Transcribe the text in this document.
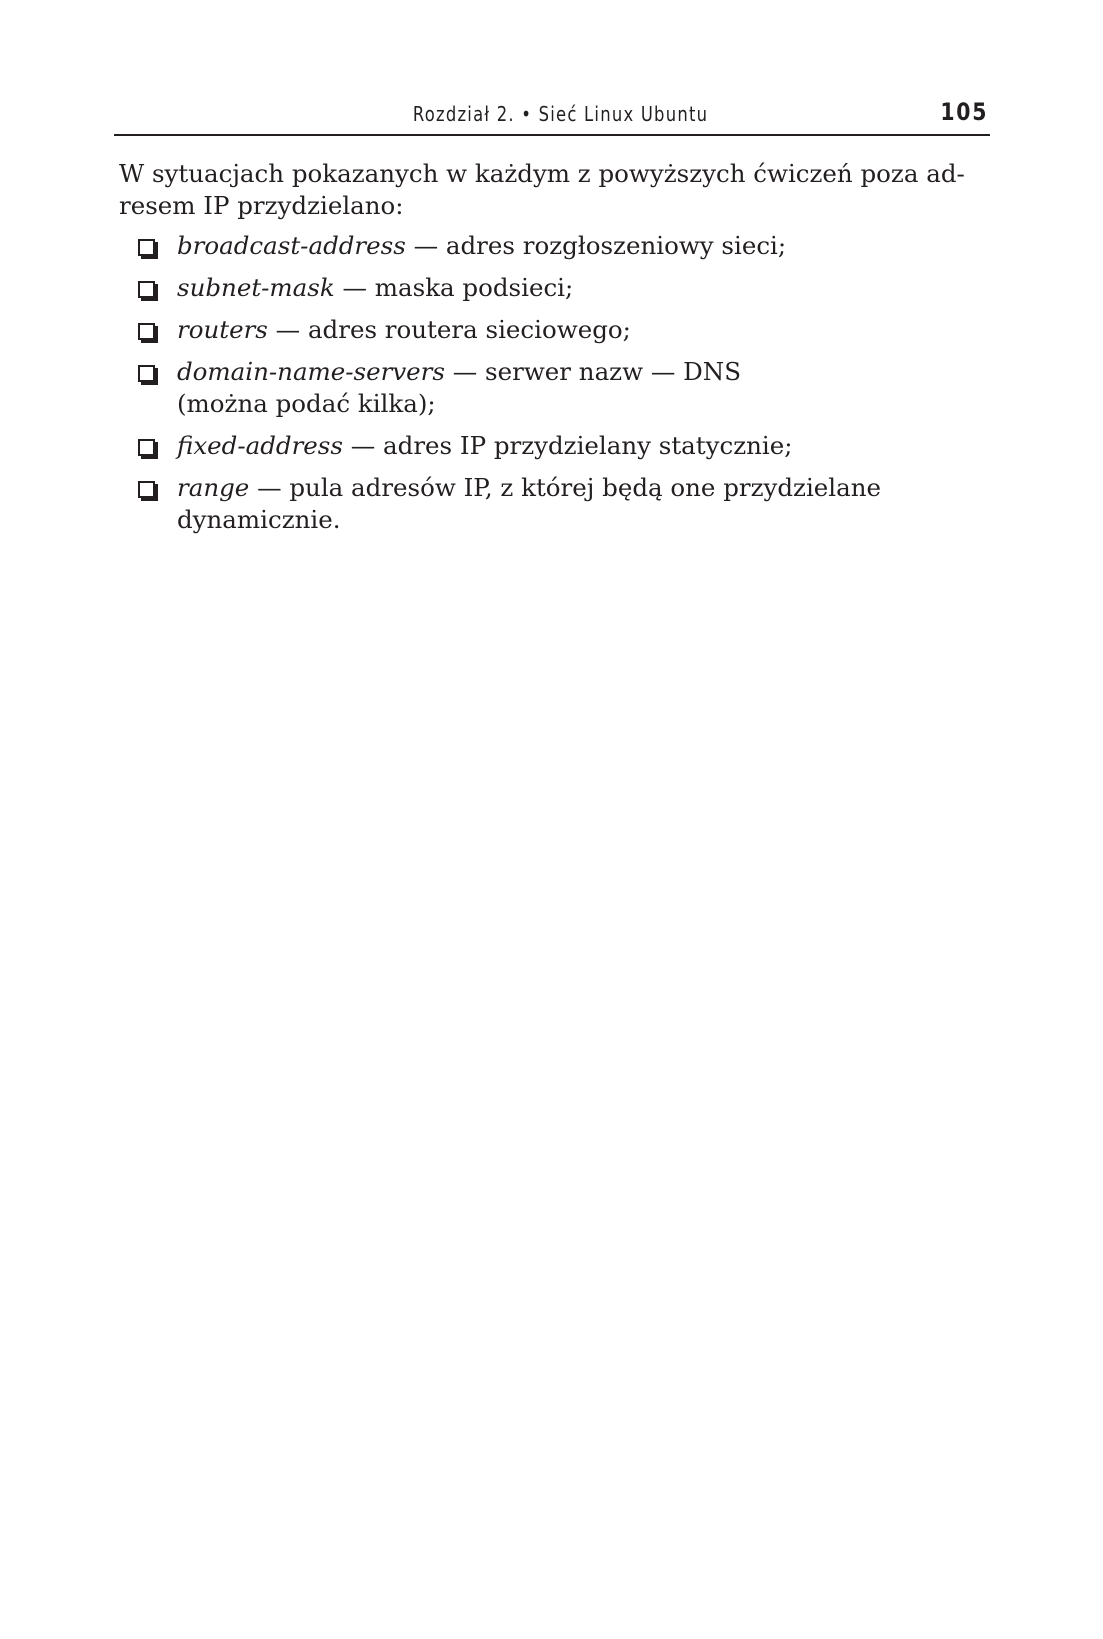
Rozdział 2. • Sieć Linux Ubuntu	105

W sytuacjach pokazanych w każdym z powyższych ćwiczeń poza ad-
resem IP przydzielano:

broadcast-address — adres rozgłoszeniowy sieci;
subnet-mask — maska podsieci;
routers — adres routera sieciowego;
domain-name-servers — serwer nazw — DNS
(można podać kilka);
fixed-address — adres IP przydzielany statycznie;
range — pula adresów IP, z której będą one przydzielane
dynamicznie.
